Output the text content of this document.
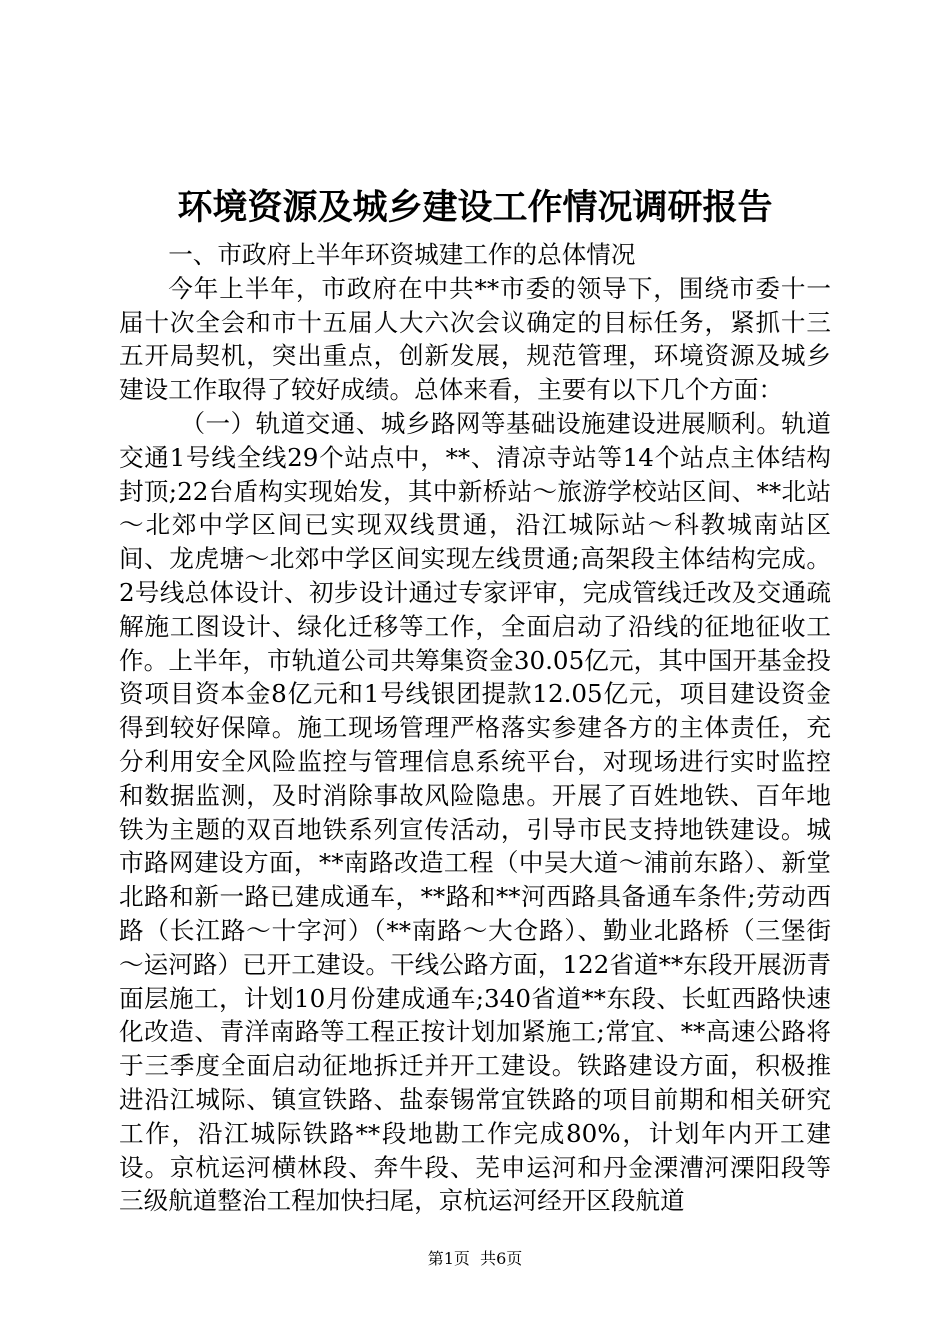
环境资源及城乡建设工作情况调研报告

一、市政府上半年环资城建工作的总体情况

今年上半年，市政府在中共**市委的领导下，围绕市委十一届十次全会和市十五届人大六次会议确定的目标任务，紧抓十三五开局契机，突出重点，创新发展，规范管理，环境资源及城乡建设工作取得了较好成绩。总体来看，主要有以下几个方面：

（一）轨道交通、城乡路网等基础设施建设进展顺利。轨道交通1号线全线29个站点中，**、清凉寺站等14个站点主体结构封顶;22台盾构实现始发，其中新桥站～旅游学校站区间、**北站～北郊中学区间已实现双线贯通，沿江城际站～科教城南站区间、龙虎塘～北郊中学区间实现左线贯通;高架段主体结构完成。2号线总体设计、初步设计通过专家评审，完成管线迁改及交通疏解施工图设计、绿化迁移等工作，全面启动了沿线的征地征收工作。上半年，市轨道公司共筹集资金30.05亿元，其中国开基金投资项目资本金8亿元和1号线银团提款12.05亿元，项目建设资金得到较好保障。施工现场管理严格落实参建各方的主体责任，充分利用安全风险监控与管理信息系统平台，对现场进行实时监控和数据监测，及时消除事故风险隐患。开展了百姓地铁、百年地铁为主题的双百地铁系列宣传活动，引导市民支持地铁建设。城市路网建设方面，**南路改造工程（中吴大道～浦前东路）、新堂北路和新一路已建成通车，**路和**河西路具备通车条件;劳动西路（长江路～十字河）（**南路～大仓路）、勤业北路桥（三堡街～运河路）已开工建设。干线公路方面，122省道**东段开展沥青面层施工，计划10月份建成通车;340省道**东段、长虹西路快速化改造、青洋南路等工程正按计划加紧施工;常宜、**高速公路将于三季度全面启动征地拆迁并开工建设。铁路建设方面，积极推进沿江城际、镇宣铁路、盐泰锡常宜铁路的项目前期和相关研究工作，沿江城际铁路**段地勘工作完成80%，计划年内开工建设。京杭运河横林段、奔牛段、芜申运河和丹金溧漕河溧阳段等三级航道整治工程加快扫尾，京杭运河经开区段航道

第1页 共6页
